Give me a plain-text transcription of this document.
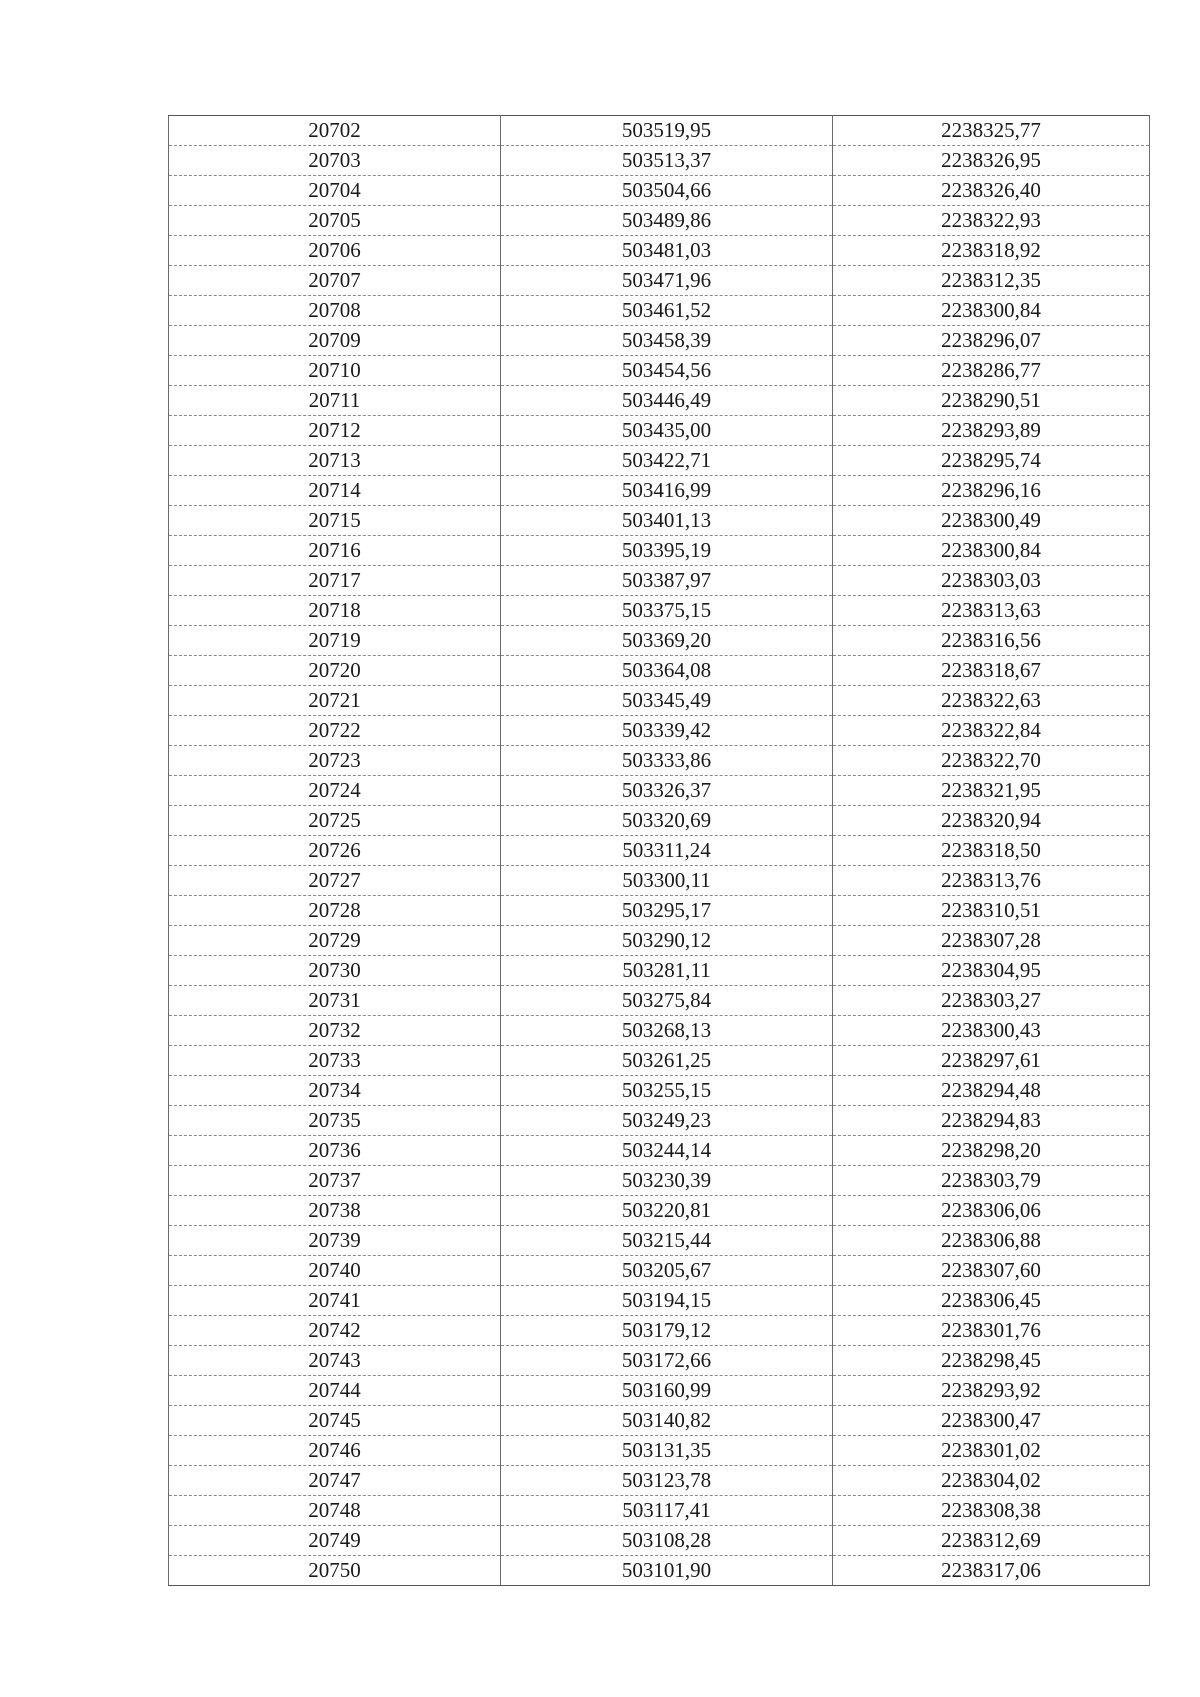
20702	503519,95	2238325,77
20703	503513,37	2238326,95
20704	503504,66	2238326,40
20705	503489,86	2238322,93
20706	503481,03	2238318,92
20707	503471,96	2238312,35
20708	503461,52	2238300,84
20709	503458,39	2238296,07
20710	503454,56	2238286,77
20711	503446,49	2238290,51
20712	503435,00	2238293,89
20713	503422,71	2238295,74
20714	503416,99	2238296,16
20715	503401,13	2238300,49
20716	503395,19	2238300,84
20717	503387,97	2238303,03
20718	503375,15	2238313,63
20719	503369,20	2238316,56
20720	503364,08	2238318,67
20721	503345,49	2238322,63
20722	503339,42	2238322,84
20723	503333,86	2238322,70
20724	503326,37	2238321,95
20725	503320,69	2238320,94
20726	503311,24	2238318,50
20727	503300,11	2238313,76
20728	503295,17	2238310,51
20729	503290,12	2238307,28
20730	503281,11	2238304,95
20731	503275,84	2238303,27
20732	503268,13	2238300,43
20733	503261,25	2238297,61
20734	503255,15	2238294,48
20735	503249,23	2238294,83
20736	503244,14	2238298,20
20737	503230,39	2238303,79
20738	503220,81	2238306,06
20739	503215,44	2238306,88
20740	503205,67	2238307,60
20741	503194,15	2238306,45
20742	503179,12	2238301,76
20743	503172,66	2238298,45
20744	503160,99	2238293,92
20745	503140,82	2238300,47
20746	503131,35	2238301,02
20747	503123,78	2238304,02
20748	503117,41	2238308,38
20749	503108,28	2238312,69
20750	503101,90	2238317,06
